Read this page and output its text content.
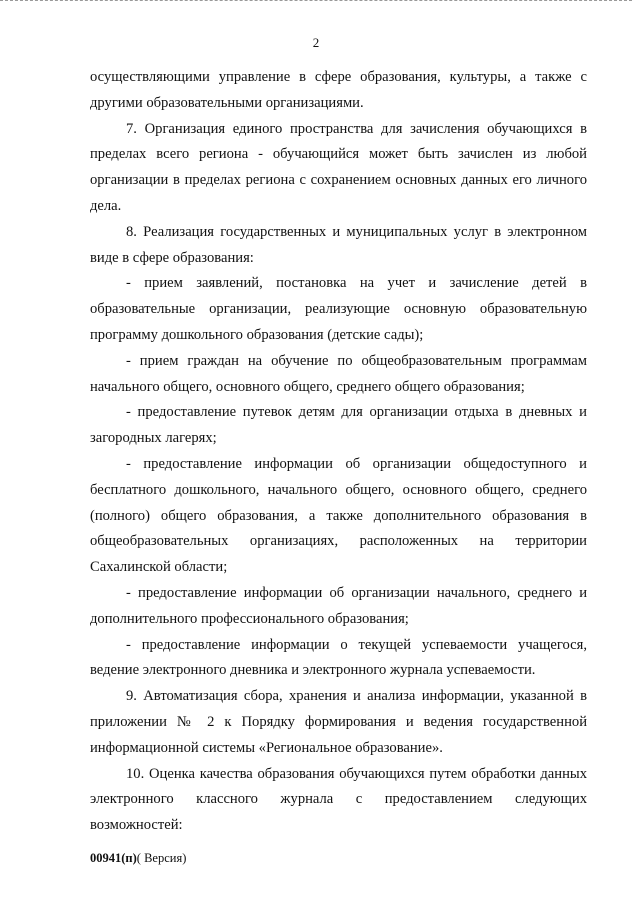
2
осуществляющими управление в сфере образования, культуры, а также с
другими образовательными организациями.
7. Организация единого пространства для зачисления обучающихся в
пределах всего региона - обучающийся может быть зачислен из любой
организации в пределах региона с сохранением основных данных его личного
дела.
8. Реализация государственных и муниципальных услуг в электронном
виде в сфере образования:
- прием заявлений, постановка на учет и зачисление детей в
образовательные организации, реализующие основную образовательную
программу дошкольного образования (детские сады);
- прием граждан на обучение по общеобразовательным программам
начального общего, основного общего, среднего общего образования;
- предоставление путевок детям для организации отдыха в дневных и
загородных лагерях;
- предоставление информации об организации общедоступного и
бесплатного дошкольного, начального общего, основного общего, среднего
(полного) общего образования, а также дополнительного образования в
общеобразовательных организациях, расположенных на территории
Сахалинской области;
- предоставление информации об организации начального, среднего и
дополнительного профессионального образования;
- предоставление информации о текущей успеваемости учащегося,
ведение электронного дневника и электронного журнала успеваемости.
9. Автоматизация сбора, хранения и анализа информации, указанной в
приложении № 2 к Порядку формирования и ведения государственной
информационной системы «Региональное образование».
10. Оценка качества образования обучающихся путем обработки данных
электронного классного журнала с предоставлением следующих
возможностей:
00941(п)( Версия)
